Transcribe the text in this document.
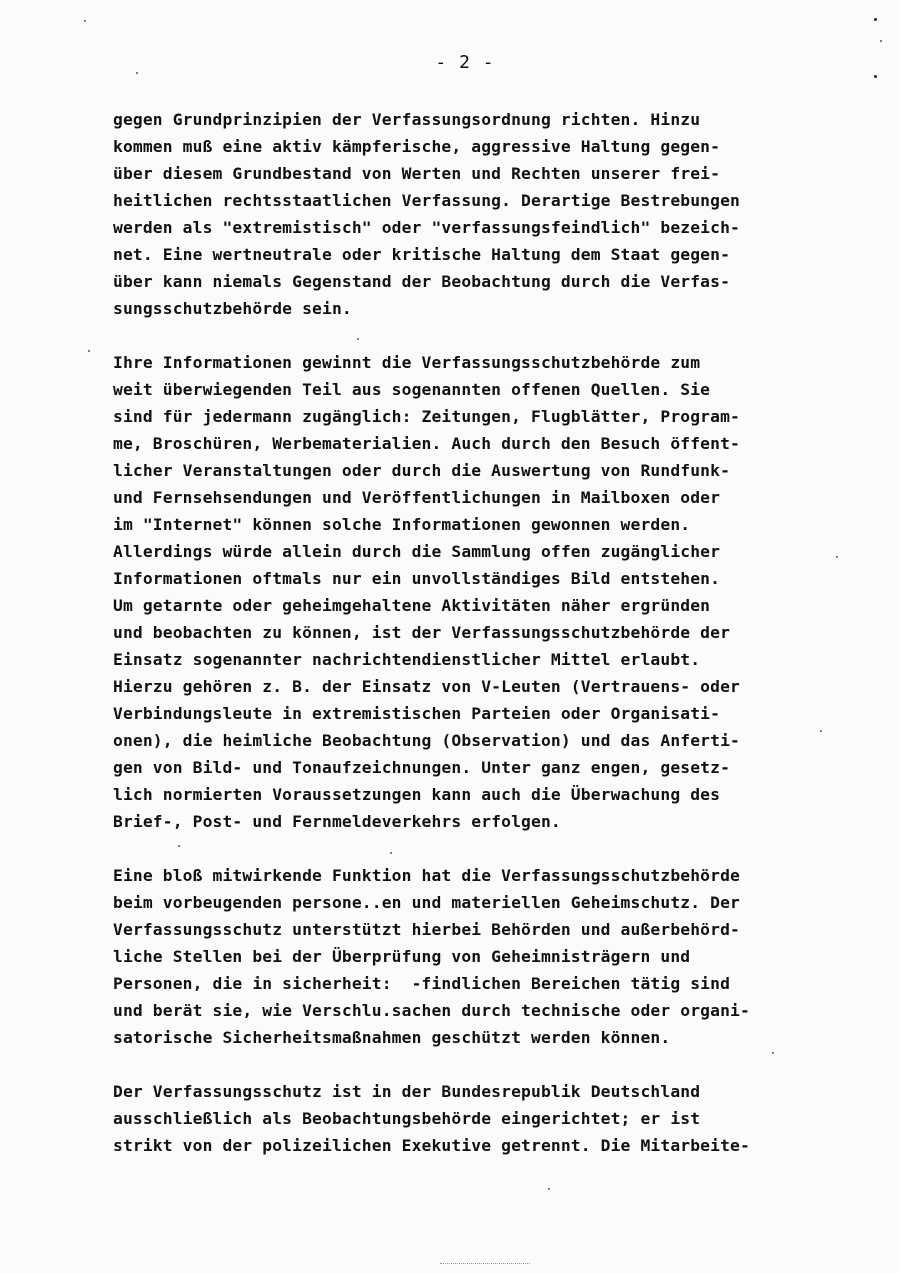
- 2 -

gegen Grundprinzipien der Verfassungsordnung richten. Hinzu
kommen muß eine aktiv kämpferische, aggressive Haltung gegen-
über diesem Grundbestand von Werten und Rechten unserer frei-
heitlichen rechtsstaatlichen Verfassung. Derartige Bestrebungen
werden als "extremistisch" oder "verfassungsfeindlich" bezeich-
net. Eine wertneutrale oder kritische Haltung dem Staat gegen-
über kann niemals Gegenstand der Beobachtung durch die Verfas-
sungsschutzbehörde sein.

Ihre Informationen gewinnt die Verfassungsschutzbehörde zum
weit überwiegenden Teil aus sogenannten offenen Quellen. Sie
sind für jedermann zugänglich: Zeitungen, Flugblätter, Program-
me, Broschüren, Werbematerialien. Auch durch den Besuch öffent-
licher Veranstaltungen oder durch die Auswertung von Rundfunk-
und Fernsehsendungen und Veröffentlichungen in Mailboxen oder
im "Internet" können solche Informationen gewonnen werden.
Allerdings würde allein durch die Sammlung offen zugänglicher
Informationen oftmals nur ein unvollständiges Bild entstehen.
Um getarnte oder geheimgehaltene Aktivitäten näher ergründen
und beobachten zu können, ist der Verfassungsschutzbehörde der
Einsatz sogenannter nachrichtendienstlicher Mittel erlaubt.
Hierzu gehören z. B. der Einsatz von V-Leuten (Vertrauens- oder
Verbindungsleute in extremistischen Parteien oder Organisati-
onen), die heimliche Beobachtung (Observation) und das Anferti-
gen von Bild- und Tonaufzeichnungen. Unter ganz engen, gesetz-
lich normierten Voraussetzungen kann auch die Überwachung des
Brief-, Post- und Fernmeldeverkehrs erfolgen.

Eine bloß mitwirkende Funktion hat die Verfassungsschutzbehörde
beim vorbeugenden persone..en und materiellen Geheimschutz. Der
Verfassungsschutz unterstützt hierbei Behörden und außerbehörd-
liche Stellen bei der Überprüfung von Geheimnisträgern und
Personen, die in sicherheit:  -findlichen Bereichen tätig sind
und berät sie, wie Verschlu.sachen durch technische oder organi-
satorische Sicherheitsmaßnahmen geschützt werden können.

Der Verfassungsschutz ist in der Bundesrepublik Deutschland
ausschließlich als Beobachtungsbehörde eingerichtet; er ist
strikt von der polizeilichen Exekutive getrennt. Die Mitarbeite-
